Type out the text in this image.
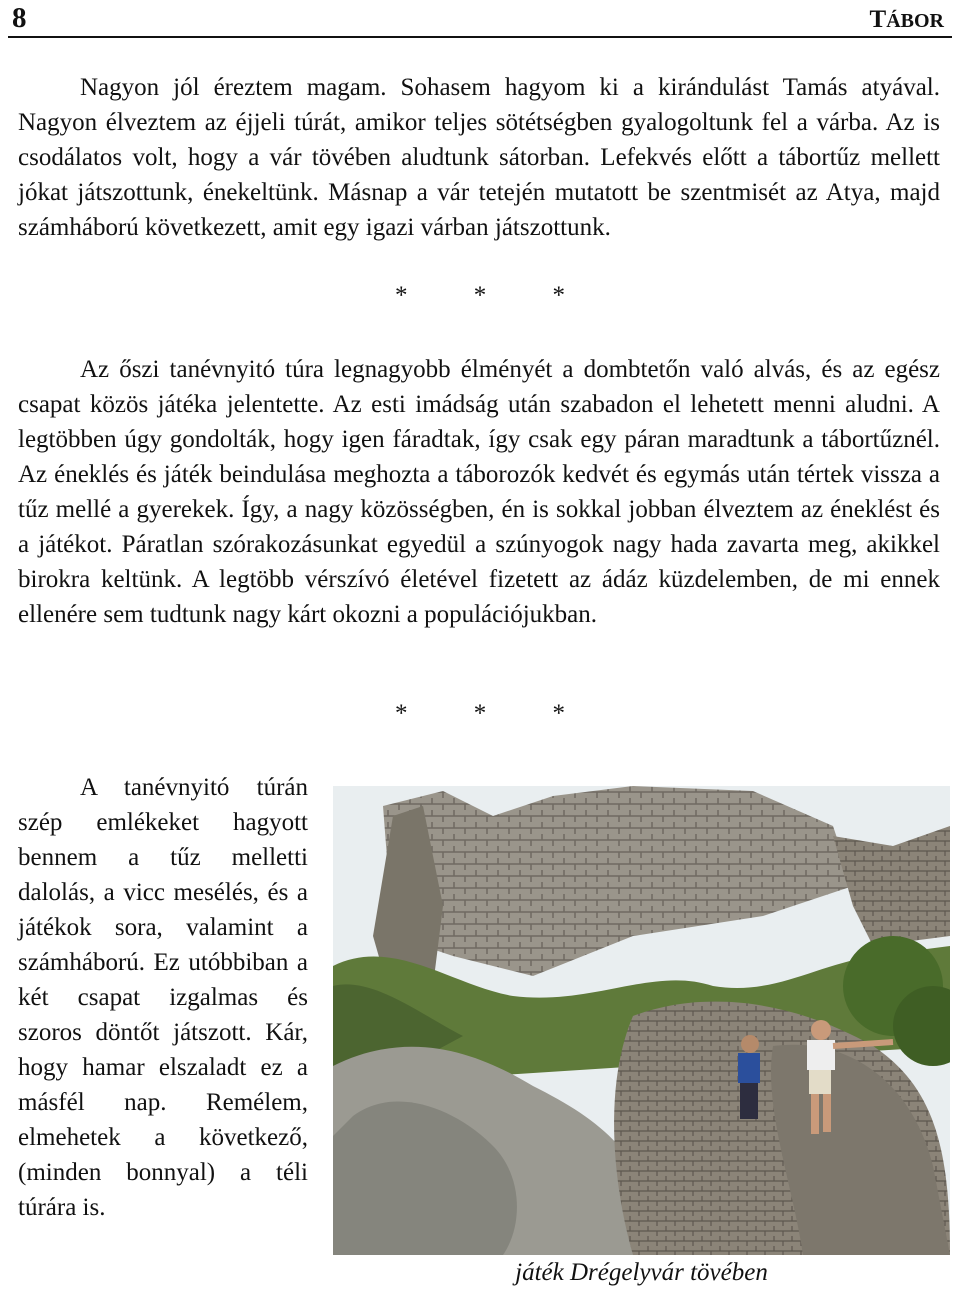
8	TÁBOR

Nagyon jól éreztem magam. Sohasem hagyom ki a kirándulást Tamás atyával. Nagyon élveztem az éjjeli túrát, amikor teljes sötétségben gyalogoltunk fel a várba. Az is csodálatos volt, hogy a vár tövében aludtunk sátorban. Lefekvés előtt a tábortűz mellett jókat játszottunk, énekeltünk. Másnap a vár tetején mutatott be szentmisét az Atya, majd számháború következett, amit egy igazi várban játszottunk.

* * *

Az őszi tanévnyitó túra legnagyobb élményét a dombtetőn való alvás, és az egész csapat közös játéka jelentette. Az esti imádság után szabadon el lehetett menni aludni. A legtöbben úgy gondolták, hogy igen fáradtak, így csak egy páran maradtunk a tábortűznél. Az éneklés és játék beindulása meghozta a táborozók kedvét és egymás után tértek vissza a tűz mellé a gyerekek. Így, a nagy közösségben, én is sokkal jobban élveztem az éneklést és a játékot. Páratlan szórakozásunkat egyedül a szúnyogok nagy hada zavarta meg, akikkel birokra keltünk. A legtöbb vérszívó életével fizetett az ádáz küzdelemben, de mi ennek ellenére sem tudtunk nagy kárt okozni a populációjukban.

* * *

A tanévnyitó túrán szép emlékeket hagyott bennem a tűz melletti dalolás, a vicc mesélés, és a játékok sora, valamint a számháború. Ez utóbbiban a két csapat izgalmas és szoros döntőt játszott. Kár, hogy hamar elszaladt ez a másfél nap. Remélem, elmehetek a következő, (minden bonnyal) a téli túrára is.

játék Drégelyvár tövében
